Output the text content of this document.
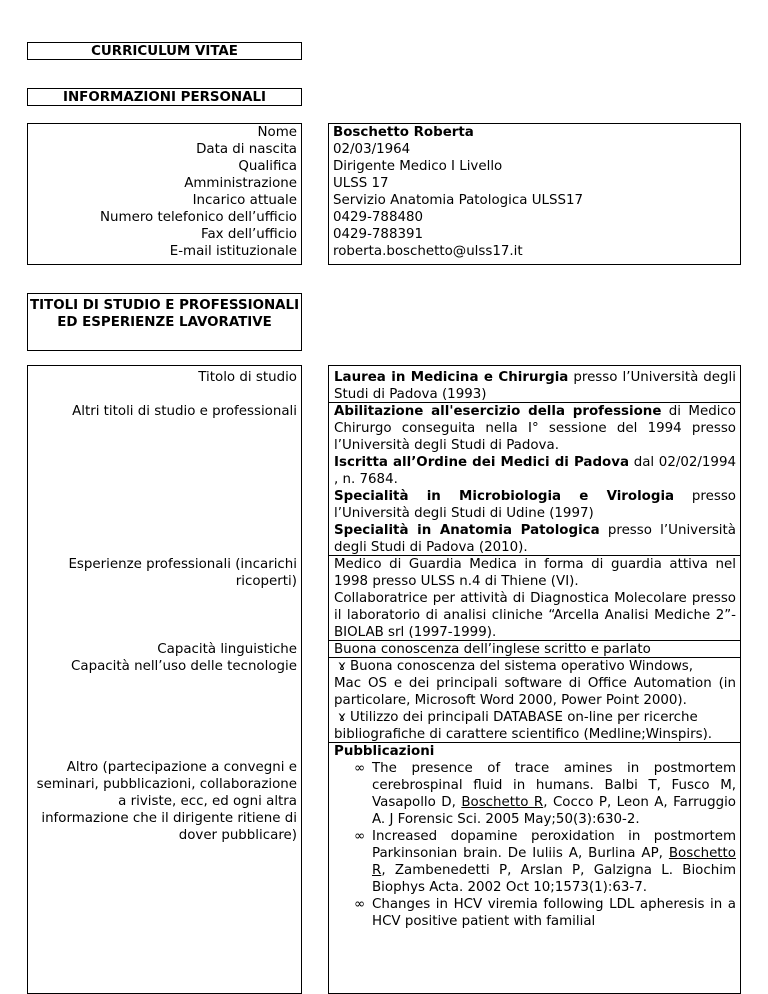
CURRICULUM VITAE
INFORMAZIONI PERSONALI
Nome
Data di nascita
Qualifica
Amministrazione
Incarico attuale
Numero telefonico dell’ufficio
Fax dell’ufficio
E-mail istituzionale
Boschetto Roberta
02/03/1964
Dirigente Medico I Livello
ULSS 17
Servizio Anatomia Patologica ULSS17
0429-788480
0429-788391
roberta.boschetto@ulss17.it
TITOLI DI STUDIO E PROFESSIONALI ED ESPERIENZE LAVORATIVE
Titolo di studio
Altri titoli di studio e professionali
Esperienze professionali (incarichi ricoperti)
Capacità linguistiche
Capacità nell’uso delle tecnologie
Altro (partecipazione a convegni e seminari, pubblicazioni, collaborazione a riviste, ecc, ed ogni altra informazione che il dirigente ritiene di dover pubblicare)

Laurea in Medicina e Chirurgia presso l’Università degli Studi di Padova (1993)

Abilitazione all'esercizio della professione di Medico Chirurgo conseguita nella I° sessione del 1994 presso l’Università degli Studi di Padova.

Iscritta all’Ordine dei Medici di Padova dal 02/02/1994 , n. 7684.

Specialità in Microbiologia e Virologia presso l’Università degli Studi di Udine (1997)

Specialità in Anatomia Patologica presso l’Università degli Studi di Padova (2010).

Medico di Guardia Medica in forma di guardia attiva nel 1998 presso ULSS n.4 di Thiene (VI).

Collaboratrice per attività di Diagnostica Molecolare presso il laboratorio di analisi cliniche “Arcella Analisi Mediche 2”-BIOLAB srl (1997-1999).

Buona conoscenza dell’inglese scritto e parlato

ɤ Buona conoscenza del sistema operativo Windows,

Mac OS e dei principali software di Office Automation (in particolare, Microsoft Word 2000, Power Point 2000).

ɤ Utilizzo dei principali DATABASE on-line per ricerche

bibliografiche di carattere scientifico (Medline;Winspirs).

Pubblicazioni

∞ The presence of trace amines in postmortem cerebrospinal fluid in humans. Balbi T, Fusco M, Vasapollo D, Boschetto R, Cocco P, Leon A, Farruggio A. J Forensic Sci. 2005 May;50(3):630-2.

∞ Increased dopamine peroxidation in postmortem Parkinsonian brain. De Iuliis A, Burlina AP, Boschetto R, Zambenedetti P, Arslan P, Galzigna L. Biochim Biophys Acta. 2002 Oct 10;1573(1):63-7.

∞ Changes in HCV viremia following LDL apheresis in a HCV positive patient with familial
